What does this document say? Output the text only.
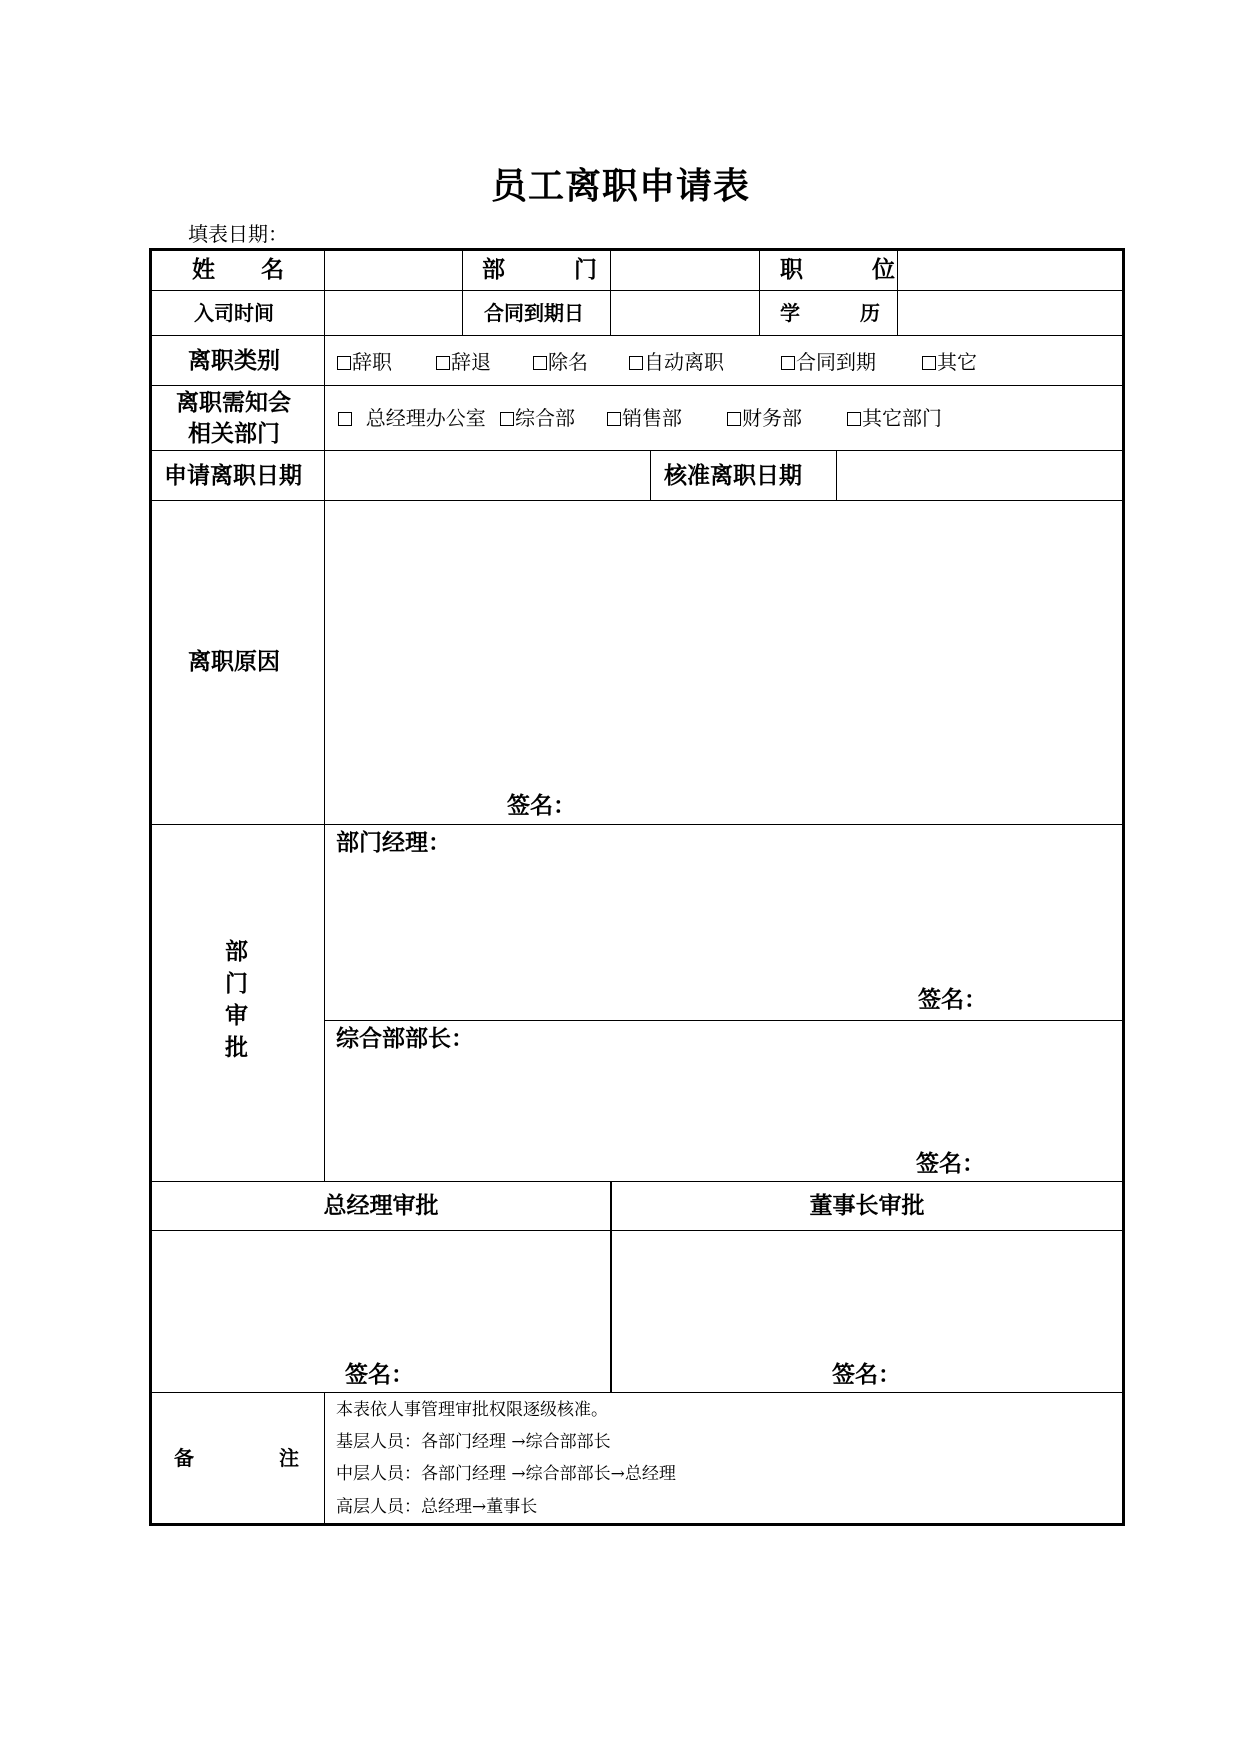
员工离职申请表
填表日期：
姓　　名	部　　　门	职　　　位
入司时间	合同到期日	学　　　历
离职类别	辞职	辞退	除名	自动离职	合同到期	其它
离职需知会
相关部门
总经理办公室	综合部	销售部	财务部	其它部门
申请离职日期	核准离职日期
离职原因
签名：
部
门
审
批
部门经理：
签名：
综合部部长：
签名：
总经理审批	董事长审批
签名：	签名：
备	注
本表依人事管理审批权限逐级核准。
基层人员：各部门经理 →综合部部长
中层人员：各部门经理 →综合部部长→总经理
高层人员：总经理→董事长
